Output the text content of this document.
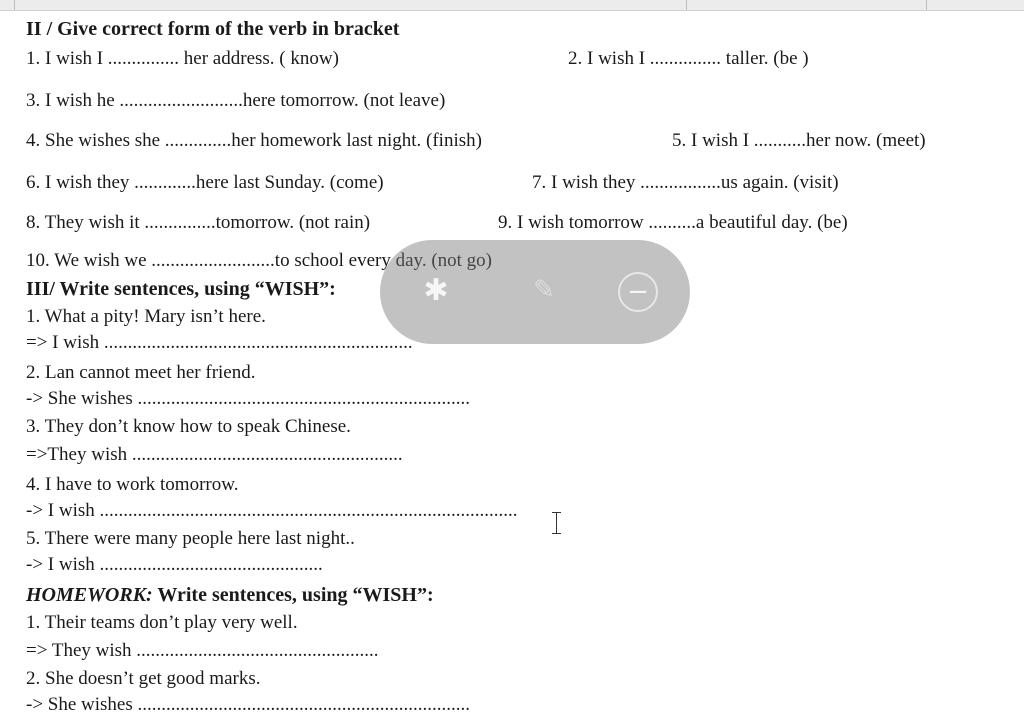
II / Give correct form of the verb in bracket
1. I wish I ............... her address. ( know)	2. I wish I ............... taller. (be )
3. I wish he ..........................here tomorrow. (not leave)
4. She wishes she ..............her homework last night. (finish)	5. I wish I ...........her now. (meet)
6. I wish they .............here last Sunday. (come)	7. I wish they .................us again. (visit)
8. They wish it ...............tomorrow. (not rain)	9. I wish tomorrow ..........a beautiful day. (be)
10. We wish we ..........................to school every day. (not go)
III/ Write sentences, using “WISH”:
1. What a pity! Mary isn’t here.
=> I wish .................................................................
2. Lan cannot meet her friend.
-> She wishes ......................................................................
3. They don’t know how to speak Chinese.
=>They wish .........................................................
4. I have to work tomorrow.
-> I wish ........................................................................................
5. There were many people here last night..
-> I wish ...............................................
HOMEWORK: Write sentences, using “WISH”:
1. Their teams don’t play very well.
=> They wish ...................................................
2. She doesn’t get good marks.
-> She wishes ......................................................................
✱	✎	−
